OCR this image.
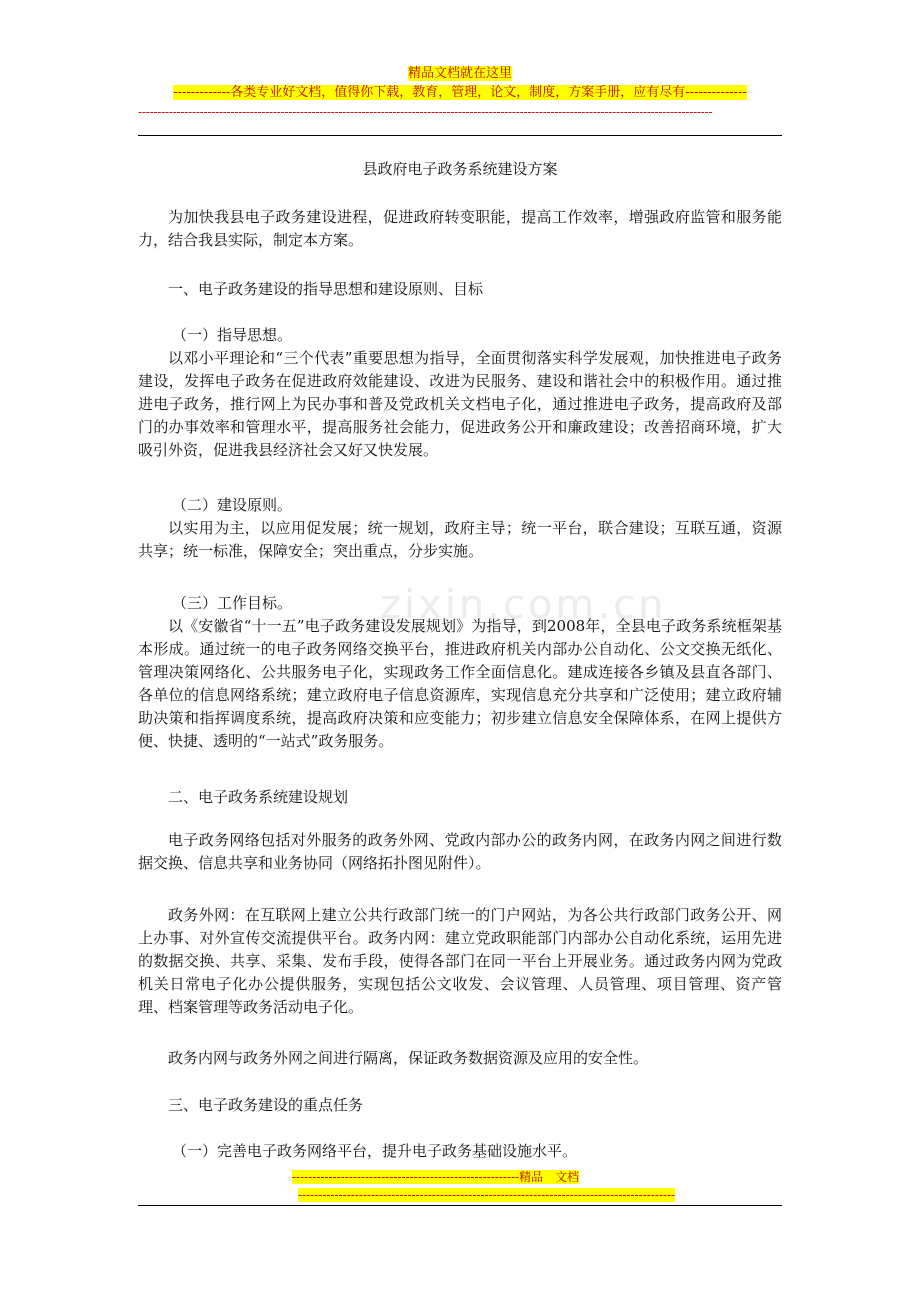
精品文档就在这里
-------------各类专业好文档，值得你下载，教育，管理，论文，制度，方案手册，应有尽有--------------
-----------------------------------------------------------------------------------------------------------------------------------------------------
zixin.com.cn
县政府电子政务系统建设方案

为加快我县电子政务建设进程，促进政府转变职能，提高工作效率，增强政府监管和服务能力，结合我县实际，制定本方案。

一、电子政务建设的指导思想和建设原则、目标

（一）指导思想。

以邓小平理论和“三个代表”重要思想为指导，全面贯彻落实科学发展观，加快推进电子政务建设，发挥电子政务在促进政府效能建设、改进为民服务、建设和谐社会中的积极作用。通过推进电子政务，推行网上为民办事和普及党政机关文档电子化，通过推进电子政务，提高政府及部门的办事效率和管理水平，提高服务社会能力，促进政务公开和廉政建设；改善招商环境，扩大吸引外资，促进我县经济社会又好又快发展。

（二）建设原则。

以实用为主，以应用促发展；统一规划，政府主导；统一平台，联合建设；互联互通，资源共享；统一标准，保障安全；突出重点，分步实施。

（三）工作目标。

以《安徽省“十一五”电子政务建设发展规划》为指导，到2008年，全县电子政务系统框架基本形成。通过统一的电子政务网络交换平台，推进政府机关内部办公自动化、公文交换无纸化、管理决策网络化、公共服务电子化，实现政务工作全面信息化。建成连接各乡镇及县直各部门、各单位的信息网络系统；建立政府电子信息资源库，实现信息充分共享和广泛使用；建立政府辅助决策和指挥调度系统，提高政府决策和应变能力；初步建立信息安全保障体系，在网上提供方便、快捷、透明的“一站式”政务服务。

二、电子政务系统建设规划

电子政务网络包括对外服务的政务外网、党政内部办公的政务内网，在政务内网之间进行数据交换、信息共享和业务协同（网络拓扑图见附件）。

政务外网：在互联网上建立公共行政部门统一的门户网站，为各公共行政部门政务公开、网上办事、对外宣传交流提供平台。政务内网：建立党政职能部门内部办公自动化系统，运用先进的数据交换、共享、采集、发布手段，使得各部门在同一平台上开展业务。通过政务内网为党政机关日常电子化办公提供服务，实现包括公文收发、会议管理、人员管理、项目管理、资产管理、档案管理等政务活动电子化。

政务内网与政务外网之间进行隔离，保证政务数据资源及应用的安全性。

三、电子政务建设的重点任务

（一）完善电子政务网络平台，提升电子政务基础设施水平。

--------------------------------------------------------精品　文档
---------------------------------------------------------------------------------------------
